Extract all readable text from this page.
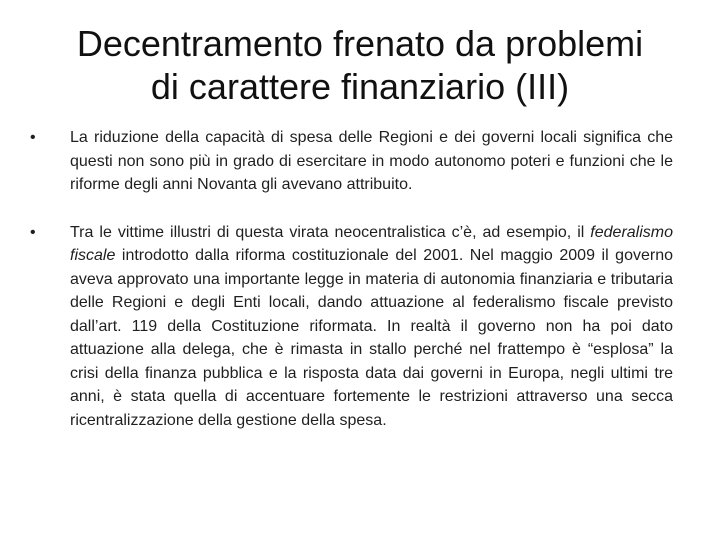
Decentramento frenato da problemi
di carattere finanziario (III)
• La riduzione della capacità di spesa delle Regioni e dei governi locali significa che questi non sono più in grado di esercitare in modo autonomo poteri e funzioni che le riforme degli anni Novanta gli avevano attribuito.
• Tra le vittime illustri di questa virata neocentralistica c’è, ad esempio, il federalismo fiscale introdotto dalla riforma costituzionale del 2001. Nel maggio 2009 il governo aveva approvato una importante legge in materia di autonomia finanziaria e tributaria delle Regioni e degli Enti locali, dando attuazione al federalismo fiscale previsto dall’art. 119 della Costituzione riformata. In realtà il governo non ha poi dato attuazione alla delega, che è rimasta in stallo perché nel frattempo è “esplosa” la crisi della finanza pubblica e la risposta data dai governi in Europa, negli ultimi tre anni, è stata quella di accentuare fortemente le restrizioni attraverso una secca ricentralizzazione della gestione della spesa.
